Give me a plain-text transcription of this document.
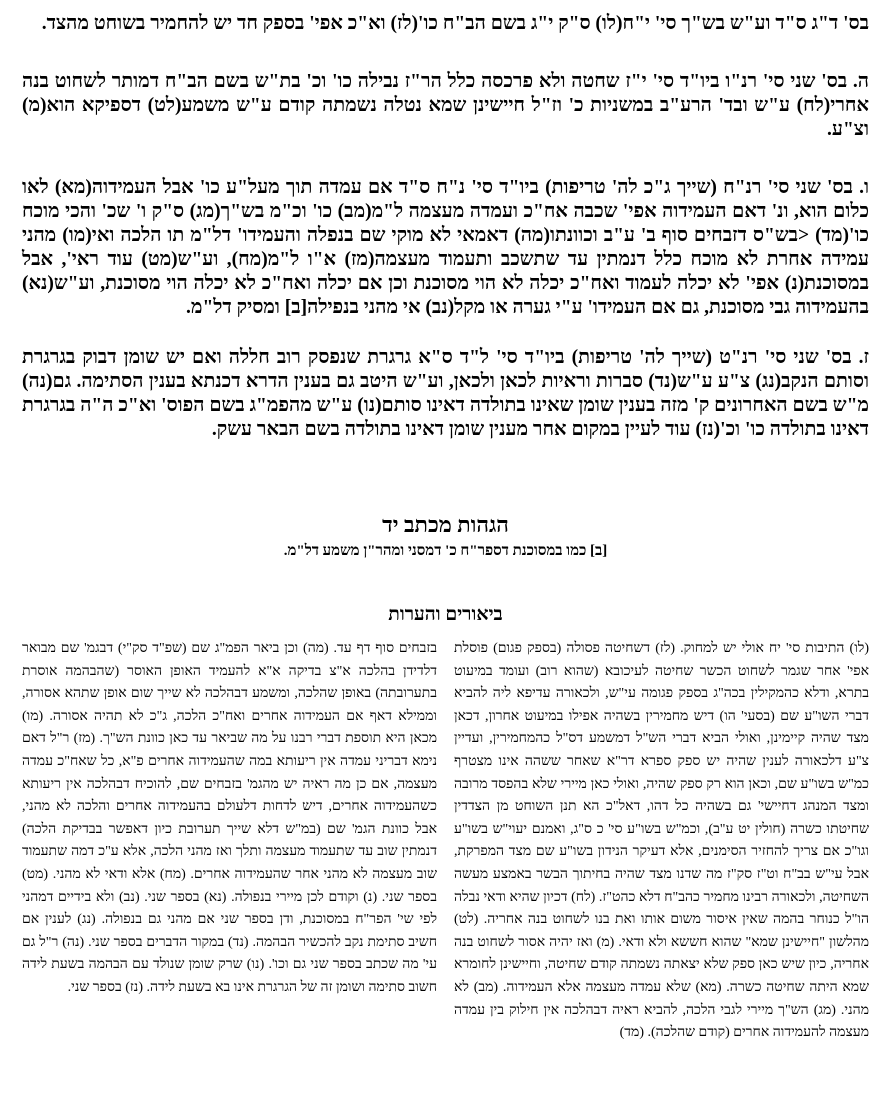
בס' ד"ג ס"ד וע"ש בש"ך סי' י"ח(לו) ס"ק י"ג בשם הב"ח כו'(לז) וא"כ אפי' בספק חד יש להחמיר בשוחט מהצד.
ה. בס' שני סי' רנ"ו ביו"ד סי' י"ז שחטה ולא פרכסה כלל הר"ז נבילה כו' וכ' בת"ש בשם הב"ח דמותר לשחוט בנה אחרי(לח) ע"ש ובד' הרע"ב במשניות כ' וז"ל חיישינן שמא נטלה נשמתה קודם ע"ש משמע(לט) דספיקא הוא(מ) וצ"ע.
ו. בס' שני סי' רנ"ח (שייך ג"כ לה' טריפות) ביו"ד סי' נ"ח ס"ד אם עמדה תוך מעל"ע כו' אבל העמידוה(מא) לאו כלום הוא, ונ' דאם העמידוה אפי' שכבה אח"כ ועמדה מעצמה ל"מ(מב) כו' וכ"מ בש"ך(מג) ס"ק ו' שכ' והכי מוכח כו'(מד) <בש"ס דזבחים סוף ב' ע"ב וכוונתו(מה) דאמאי לא מוקי שם בנפלה והעמידו' דל"מ תו הלכה ואי(מו) מהני עמידה אחרת לא מוכח כלל דנמתין עד שתשכב ותעמוד מעצמה(מז) א"ו ל"מ(מח), וע"ש(מט) עוד ראי', אבל במסוכנת(נ) אפי' לא יכלה לעמוד ואח"כ יכלה לא הוי מסוכנת וכן אם יכלה ואח"כ לא יכלה הוי מסוכנת, וע"ש(נא) בהעמידוה גבי מסוכנת, גם אם העמידו' ע"י גערה או מקל(נב) אי מהני בנפילה[ב] ומסיק דל"מ.
ז. בס' שני סי' רנ"ט (שייך לה' טריפות) ביו"ד סי' ל"ד ס"א גרגרת שנפסק רוב חללה ואם יש שומן דבוק בגרגרת וסותם הנקב(נג) צ"ע ע"ש(נד) סברות וראיות לכאן ולכאן, וע"ש היטב גם בענין הדרא דכנתא בענין הסתימה. גם(נה) מ"ש בשם האחרונים ק' מזה בענין שומן שאינו בתולדה דאינו סותם(נו) ע"ש מהפמ"ג בשם הפוס' וא"כ ה"ה בגרגרת דאינו בתולדה כו' וכ'(נז) עוד לעיין במקום אחר מענין שומן דאינו בתולדה בשם הבאר עשק.
הגהות מכתב יד
[ב] כמו במסוכנת דספר"ח כ' דמסני ומהר"ן משמע דל"מ.
ביאורים והערות
(לו) התיבות סי' יח אולי יש למחוק. (לז) דשחיטה פסולה (בספק פגום) פוסלת אפי' אחר שגמר לשחוט הכשר שחיטה לעיכובא (שהוא רוב) ועומד במיעוט בתרא, ודלא כהמקילין בכה"ג בספק פגומה עי"ש, ולכאורה עדיפא ליה להביא דברי השו"ע שם (בסעי' הו) דיש מחמירין בשהיה אפילו במיעוט אחרון, דכאן מצד שהיה קיימינן, ואולי הביא דברי הש"ל דמשמע דס"ל כהמחמירין, ועדיין צ"ע דלכאורה לענין שהיה יש ספק ספרא דר"א שאחר ששהה אינו מצטרף כמ"ש בשו"ע שם, וכאן הוא רק ספק שהיה, ואולי כאן מיירי שלא בהפסד מרובה ומצד המנהג דחיישי' גם בשהיה כל דהו, דאל"כ הא תנן השוחט מן הצדדין שחיטתו כשרה (חולין יט ע"ב), וכמ"ש בשו"ע סי' כ ס"ג, ואמנם יעוי"ש בשו"ע וגו"כ אם צריך להחזיר הסימנים, אלא דעיקר הנידון בשו"ע שם מצד המפרקת, אבל עי"ש בב"ח וט"ז סק"ז מה שדנו מצד שהיה בחיתוך הבשר באמצע מעשה השחיטה, ולכאורה רבינו מחמיר כהב"ח דלא כהט"ז. (לח) דכיון שהיא ודאי נבלה הו"ל כנוחר בהמה שאין איסור משום אותו ואת בנו לשחוט בנה אחריה. (לט) מהלשון "חיישינן שמא" שהוא חששא ולא ודאי. (מ) ואז יהיה אסור לשחוט בנה אחריה, כיון שיש כאן ספק שלא יצאתה נשמתה קודם שחיטה, וחיישינן לחומרא שמא היתה שחיטה כשרה. (מא) שלא עמדה מעצמה אלא העמידוה. (מב) לא מהני. (מג) הש"ך מיירי לגבי הלכה, להביא ראיה דבהלכה אין חילוק בין עמדה מעצמה להעמידוה אחרים (קודם שהלכה). (מד)
בזבחים סוף דף עד. (מה) וכן ביאר הפמ"ג שם (שפ"ד סק"י) דבגמ' שם מבואר דלדידן בהלכה א"צ בדיקה א"א להעמיד האופן האוסר (שהבהמה אוסרת בתערובתה) באופן שהלכה, ומשמע דבהלכה לא שייך שום אופן שתהא אסורה, וממילא דאף אם העמידוה אחרים ואח"כ הלכה, ג"כ לא תהיה אסורה. (מו) מכאן היא תוספת דברי רבנו על מה שביאר עד כאן כוונת הש"ך. (מז) ר"ל דאם נימא דבריני עמדה אין ריעותא במה שהעמידוה אחרים פ"א, כל שאח"כ עמדה מעצמה, אם כן מה ראיה יש מהגמ' בזבחים שם, להוכיח דבהלכה אין ריעותא כשהעמידוה אחרים, דיש לדחות דלעולם בהעמידוה אחרים והלכה לא מהני, אבל כוונת הגמ' שם (במ"ש דלא שייך תערובת כיון דאפשר בבדיקת הלכה) דנמתין שוב עד שתעמוד מעצמה ותלך ואז מהני הלכה, אלא ע"כ דמה שתעמוד שוב מעצמה לא מהני אחר שהעמידוה אחרים. (מח) אלא ודאי לא מהני. (מט) בספר שני. (נ) וקודם לכן מיירי בנפולה. (נא) בספר שני. (נב) ולא בידיים דמהני לפי שי' הפר"ח במסוכנת, ודן בספר שני אם מהני גם בנפולה. (נג) לענין אם חשיב סתימת נקב להכשיר הבהמה. (נד) במקור הדברים בספר שני. (נה) ר"ל גם עי' מה שכתב בספר שני גם וכו'. (נו) שרק שומן שנולד עם הבהמה בשעת לידה חשוב סתימה ושומן זה של הגרגרת אינו בא בשעת לידה. (נז) בספר שני.
